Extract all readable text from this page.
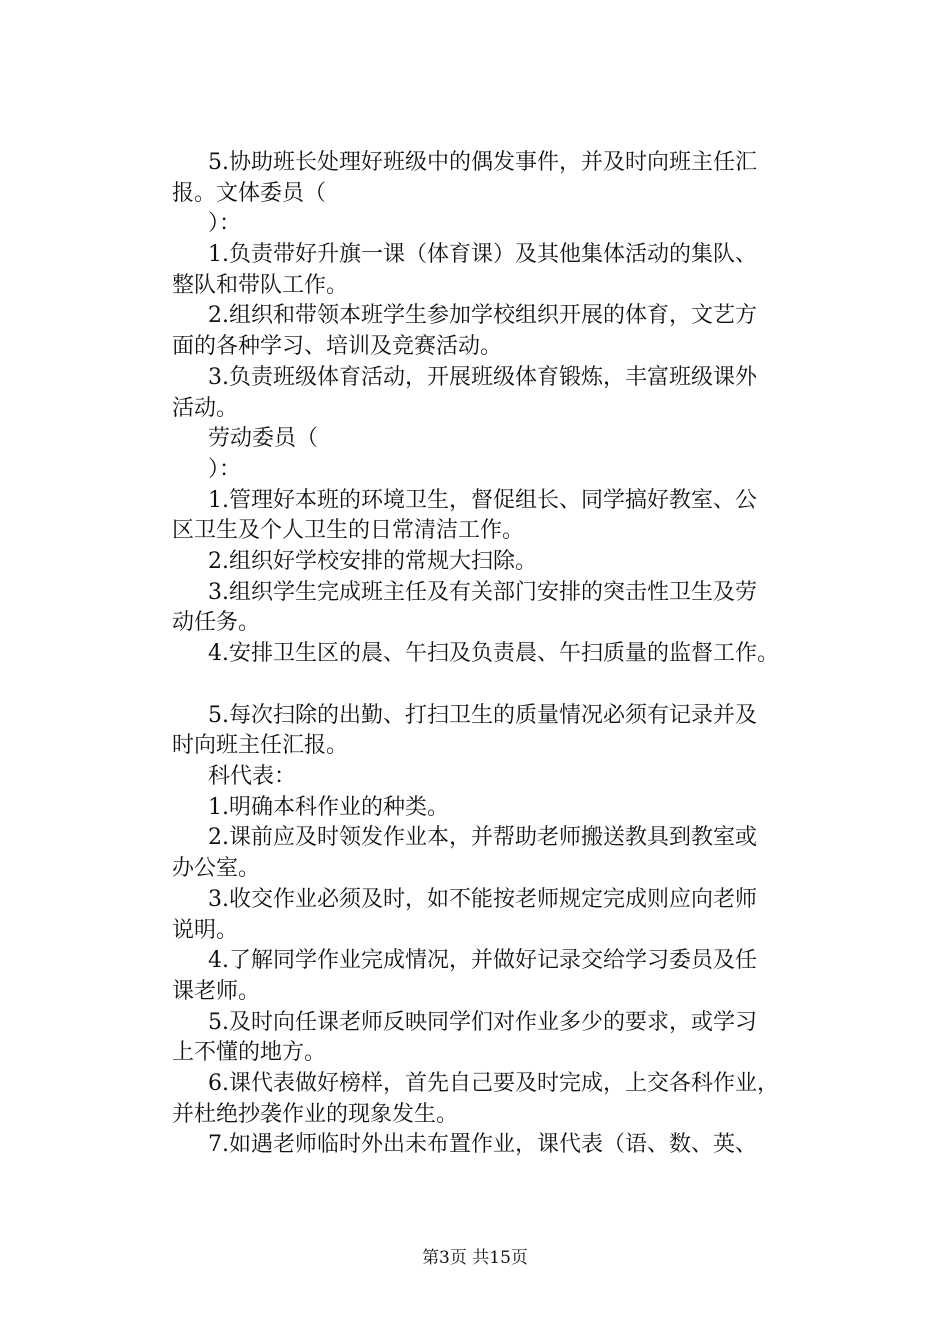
5.协助班长处理好班级中的偶发事件，并及时向班主任汇
报。文体委员（
）：
1.负责带好升旗一课（体育课）及其他集体活动的集队、
整队和带队工作。
2.组织和带领本班学生参加学校组织开展的体育，文艺方
面的各种学习、培训及竞赛活动。
3.负责班级体育活动，开展班级体育锻炼，丰富班级课外
活动。
劳动委员（
）：
1.管理好本班的环境卫生，督促组长、同学搞好教室、公
区卫生及个人卫生的日常清洁工作。
2.组织好学校安排的常规大扫除。
3.组织学生完成班主任及有关部门安排的突击性卫生及劳
动任务。
4.安排卫生区的晨、午扫及负责晨、午扫质量的监督工作。
5.每次扫除的出勤、打扫卫生的质量情况必须有记录并及
时向班主任汇报。
科代表：
1.明确本科作业的种类。
2.课前应及时领发作业本，并帮助老师搬送教具到教室或
办公室。
3.收交作业必须及时，如不能按老师规定完成则应向老师
说明。
4.了解同学作业完成情况，并做好记录交给学习委员及任
课老师。
5.及时向任课老师反映同学们对作业多少的要求，或学习
上不懂的地方。
6.课代表做好榜样，首先自己要及时完成，上交各科作业，
并杜绝抄袭作业的现象发生。
7.如遇老师临时外出未布置作业，课代表（语、数、英、
第3页 共15页
